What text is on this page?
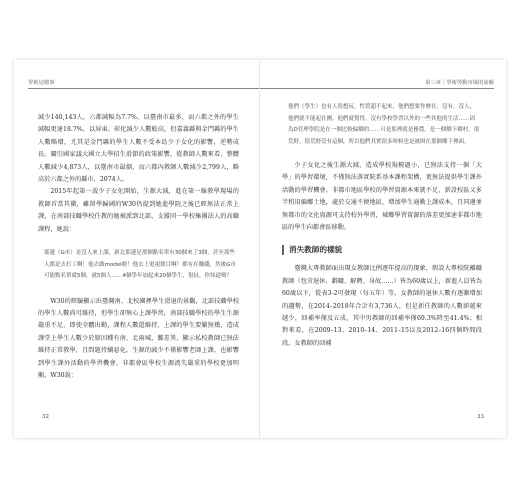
學術這檔事

減少140,143人，六都減幅為7.7%，以臺南市最多，而六都之外的學生減幅更達18.7%，以屏東、彰化減少人數較高，但嘉義縣與金門縣的學生人數略增，尤其是金門縣的學生人數不受本島少子女化的影響，逆勢成長。關引國家議大國立大學招生滑節的政策影響，從教師人數來看，整體人數減少4,873人，以臺南市最劇，而六都內教師人數減少2,799人，略高於六都之外的縣市，2074人。

2015年起第一波少子女化開始，生源大減，進在第一線教學現場的教師首當其衝，雖留學歸國的W30仍提到她進學院之後已經無法正常上課，在南部技職學校任教的她被派到北部，支援同一學校集團法人的高職課程，她說：

那邊（G市）是沒人來上課，新北那邊是那個點名單有30個來了3個，甚至那些人都是去打工啊！他去做model啦！他去上電視節目啊！都有在賺錢，然後G市可能點名單就5個，就5個人……4個學年加起來20個學生，很扯，你知道嗎？

W30的經驗顯示出臺灣南、北校園裡學生滑退的景觀，北部技職學校的學生人數尚可維持，但學生卻無心上課學習，南部技職學校的學生生源嚴重不足，即使全體出勤，課程人數還維持，上課的學生要繁無幾，造成課堂上學生人數少於原因種有南、北兩城，難差異，顯示私校教師已無法維持正常教學，且問題持續惡化。生源的減少不僅影響老師上課，也影響到學生課外活動的學習機會，非都會區學校生源流失嚴重的學校更加明顯，W30說：

32
第三章｜學術勞動市場的崩解
他們（學生）也有人很想玩，性質超不起來，他們想要作歷社，沒有，沒人，他們就不能起社團，他們就覺得，沒有學校學習以外的一些其他的生活……因為D管理學院是在一個比較偏鄉的……可是那裡就是務農，是一個鄉下鄉村，很荒野，很荒野沒有這個，所以他們其實很多時候也是被困在那個鄉下裡面。

少子女化之後生源大減，造成學校規模過小，已無法支持一個「大學」的學習環境，不僅無法落實院系基本課程架構，更無法提供學生課外活動的學習機會。非都市地區學校的學習資源本來就不足，新設校區又多半租用偏鄉土地，處於交通不便地區，增加學生通勤上課成本，且同邊並無都市的文化資源可支持校外學習，城鄉學習資源的落差更加速非都市地區的學生向都會區移動。

消失教師的樣貌

臺灣大專教師面出現女教師比例逐年提高的現象，假設大專校院離職教師（包含退休、辭職、解聘、身故……）皆為60歲以上，新進人員皆為60歲以下，從表3-2可發現（每五年）等，女教師的退休人數有逐漸增加的趨勢，在2014–2018年合計有3,736人，但是新任教師的人數卻越來越少，回補率僅及五成，其中男教師的回補率僅69.3%降至41.4%；相對來看，在2009–13、2010–14、2011–15以及2012–16四個時間段段，女教師的回補

33
